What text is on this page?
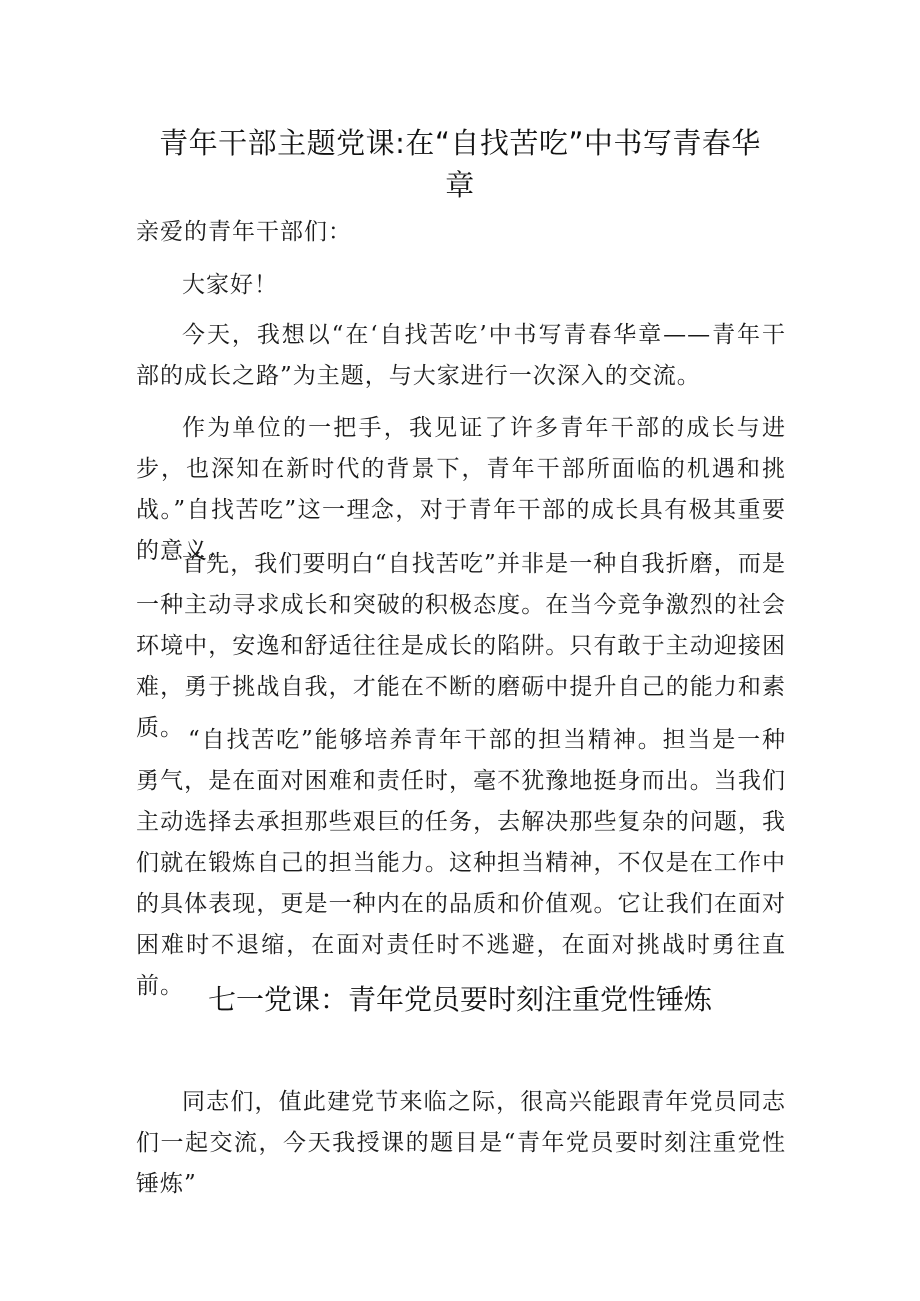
青年干部主题党课:在“自找苦吃”中书写青春华章

亲爱的青年干部们：

大家好！

今天，我想以“在‘自找苦吃’中书写青春华章——青年干部的成长之路”为主题，与大家进行一次深入的交流。

作为单位的一把手，我见证了许多青年干部的成长与进步，也深知在新时代的背景下，青年干部所面临的机遇和挑战。”自找苦吃”这一理念，对于青年干部的成长具有极其重要的意义。

首先，我们要明白“自找苦吃”并非是一种自我折磨，而是一种主动寻求成长和突破的积极态度。在当今竞争激烈的社会环境中，安逸和舒适往往是成长的陷阱。只有敢于主动迎接困难，勇于挑战自我，才能在不断的磨砺中提升自己的能力和素质。 “自找苦吃”能够培养青年干部的担当精神。担当是一种勇气，是在面对困难和责任时，毫不犹豫地挺身而出。当我们主动选择去承担那些艰巨的任务，去解决那些复杂的问题，我们就在锻炼自己的担当能力。这种担当精神，不仅是在工作中的具体表现，更是一种内在的品质和价值观。它让我们在面对困难时不退缩，在面对责任时不逃避，在面对挑战时勇往直前。 七一党课：青年党员要时刻注重党性锤炼

同志们，值此建党节来临之际，很高兴能跟青年党员同志们一起交流，今天我授课的题目是“青年党员要时刻注重党性锤炼”
